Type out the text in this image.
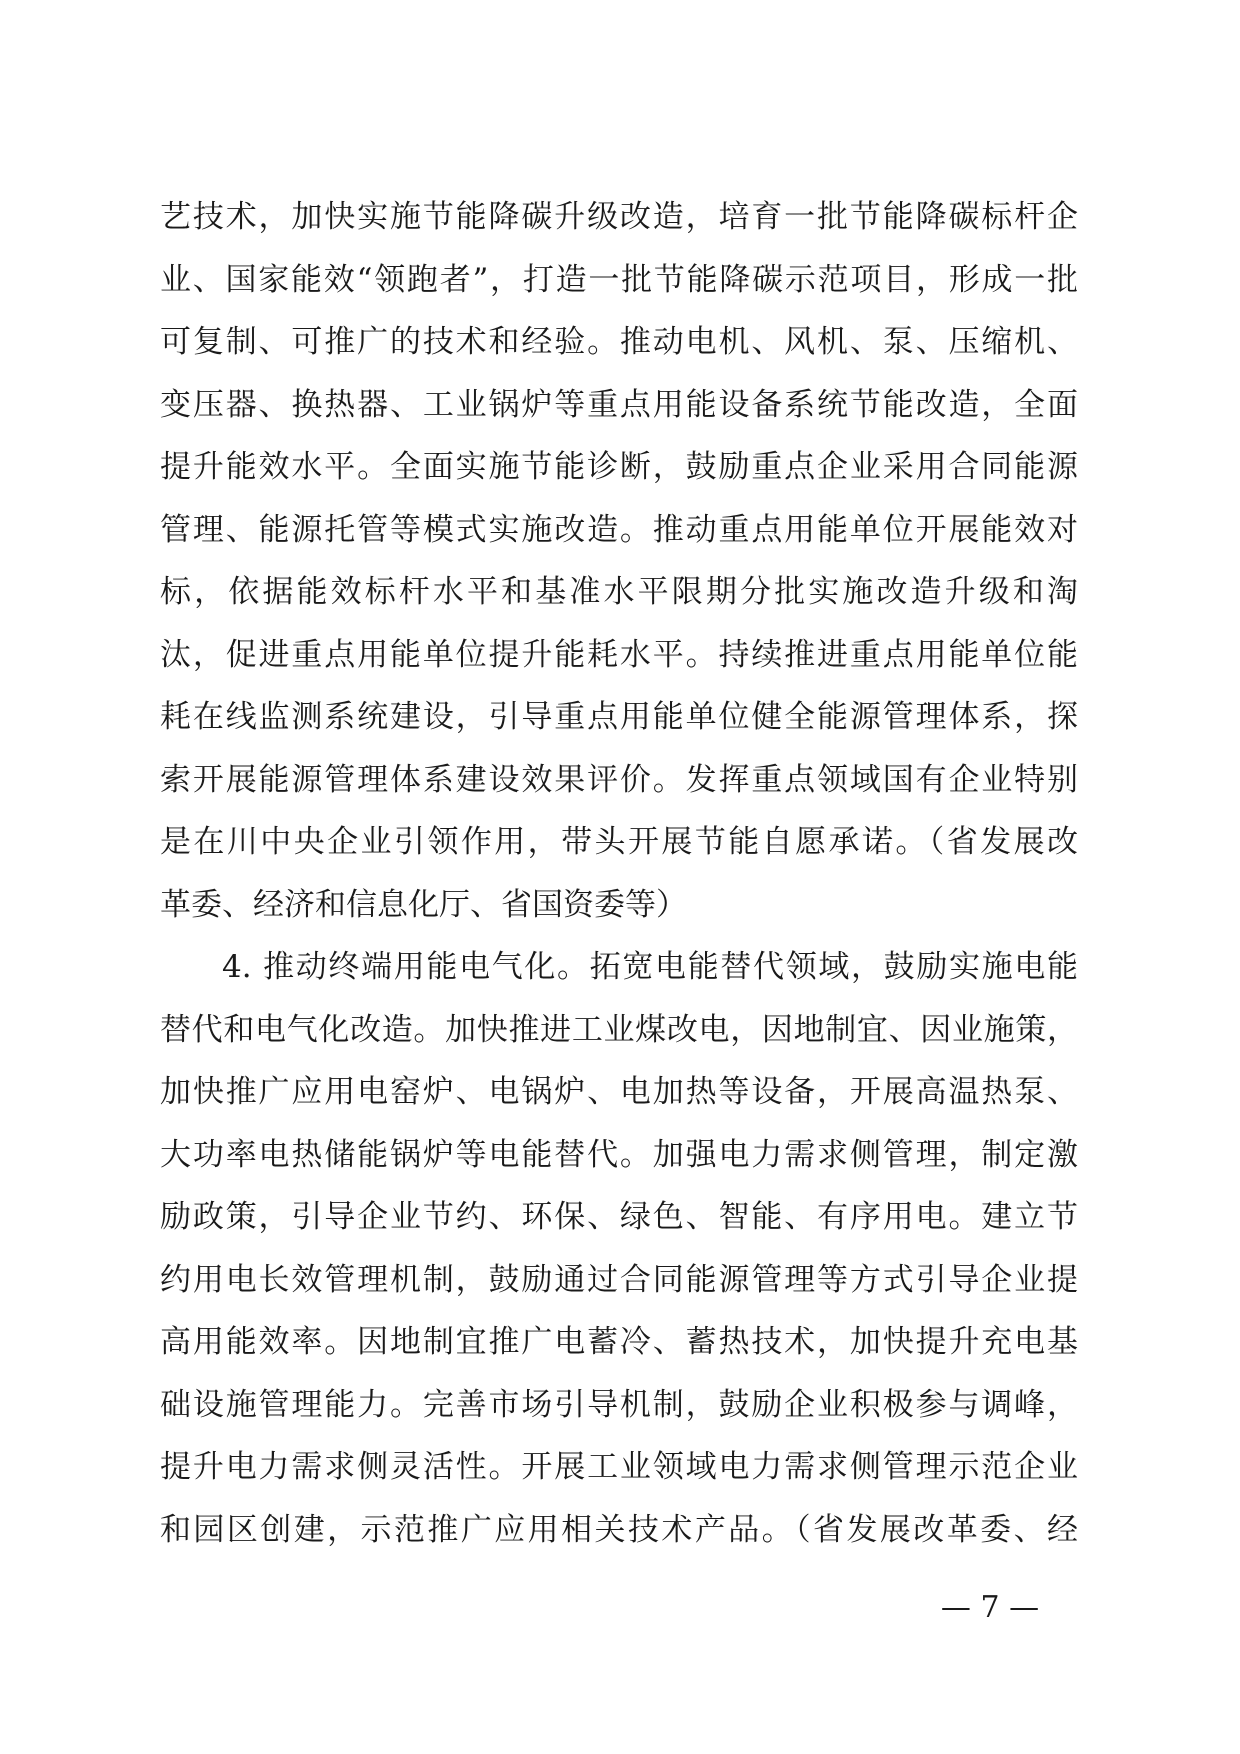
艺技术，加快实施节能降碳升级改造，培育一批节能降碳标杆企
业、国家能效“领跑者”，打造一批节能降碳示范项目，形成一批
可复制、可推广的技术和经验。推动电机、风机、泵、压缩机、
变压器、换热器、工业锅炉等重点用能设备系统节能改造，全面
提升能效水平。全面实施节能诊断，鼓励重点企业采用合同能源
管理、能源托管等模式实施改造。推动重点用能单位开展能效对
标，依据能效标杆水平和基准水平限期分批实施改造升级和淘
汰，促进重点用能单位提升能耗水平。持续推进重点用能单位能
耗在线监测系统建设，引导重点用能单位健全能源管理体系，探
索开展能源管理体系建设效果评价。发挥重点领域国有企业特别
是在川中央企业引领作用，带头开展节能自愿承诺。（省发展改
革委、经济和信息化厅、省国资委等）
4. 推动终端用能电气化。拓宽电能替代领域，鼓励实施电能
替代和电气化改造。加快推进工业煤改电，因地制宜、因业施策，
加快推广应用电窑炉、电锅炉、电加热等设备，开展高温热泵、
大功率电热储能锅炉等电能替代。加强电力需求侧管理，制定激
励政策，引导企业节约、环保、绿色、智能、有序用电。建立节
约用电长效管理机制，鼓励通过合同能源管理等方式引导企业提
高用能效率。因地制宜推广电蓄冷、蓄热技术，加快提升充电基
础设施管理能力。完善市场引导机制，鼓励企业积极参与调峰，
提升电力需求侧灵活性。开展工业领域电力需求侧管理示范企业
和园区创建，示范推广应用相关技术产品。（省发展改革委、经
— 7 —
